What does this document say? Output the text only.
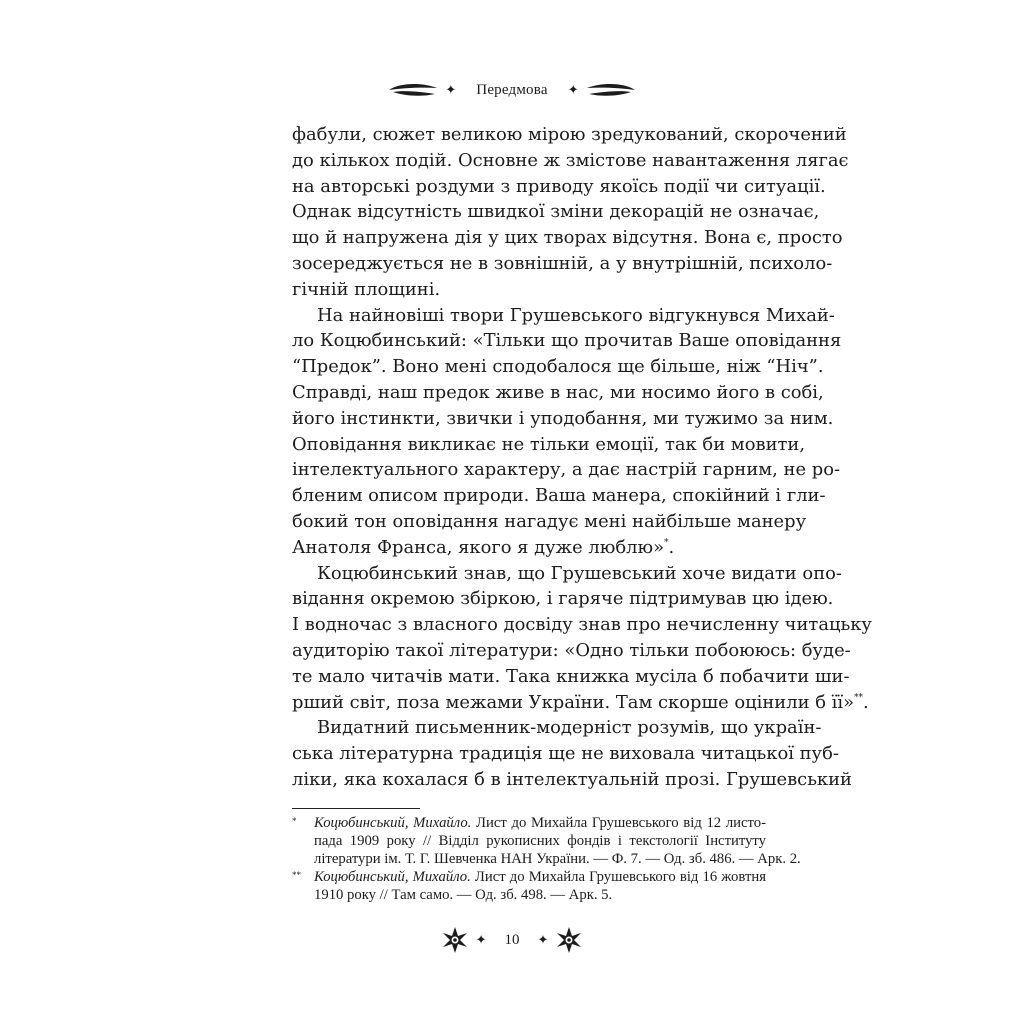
✦ Передмова ✦
фабули, сюжет великою мірою зредукований, скорочений
до кількох подій. Основне ж змістове навантаження лягає
на авторські роздуми з приводу якоїсь події чи ситуації.
Однак відсутність швидкої зміни декорацій не означає,
що й напружена дія у цих творах відсутня. Вона є, просто
зосереджується не в зовнішній, а у внутрішній, психоло-
гічній площині.
На найновіші твори Грушевського відгукнувся Михай-
ло Коцюбинський: «Тільки що прочитав Ваше оповідання
“Предок”. Воно мені сподобалося ще більше, ніж “Ніч”.
Справді, наш предок живе в нас, ми носимо його в собі,
його інстинкти, звички і уподобання, ми тужимо за ним.
Оповідання викликає не тільки емоції, так би мовити,
інтелектуального характеру, а дає настрій гарним, не ро-
бленим описом природи. Ваша манера, спокійний і гли-
бокий тон оповідання нагадує мені найбільше манеру
Анатоля Франса, якого я дуже люблю»*.
Коцюбинський знав, що Грушевський хоче видати опо-
відання окремою збіркою, і гаряче підтримував цю ідею.
І водночас з власного досвіду знав про нечисленну читацьку
аудиторію такої літератури: «Одно тільки побоююсь: буде-
те мало читачів мати. Така книжка мусіла б побачити ши-
рший світ, поза межами України. Там скорше оцінили б її»**.
Видатний письменник-модерніст розумів, що україн-
ська літературна традиція ще не виховала читацької пуб-
ліки, яка кохалася б в інтелектуальній прозі. Грушевський
* Коцюбинський, Михайло. Лист до Михайла Грушевського від 12 листо-
пада 1909 року // Відділ рукописних фондів і текстології Інституту
літератури ім. Т. Г. Шевченка НАН України. — Ф. 7. — Од. зб. 486. — Арк. 2.
** Коцюбинський, Михайло. Лист до Михайла Грушевського від 16 жовтня
1910 року // Там само. — Од. зб. 498. — Арк. 5.
✦ 10 ✦
